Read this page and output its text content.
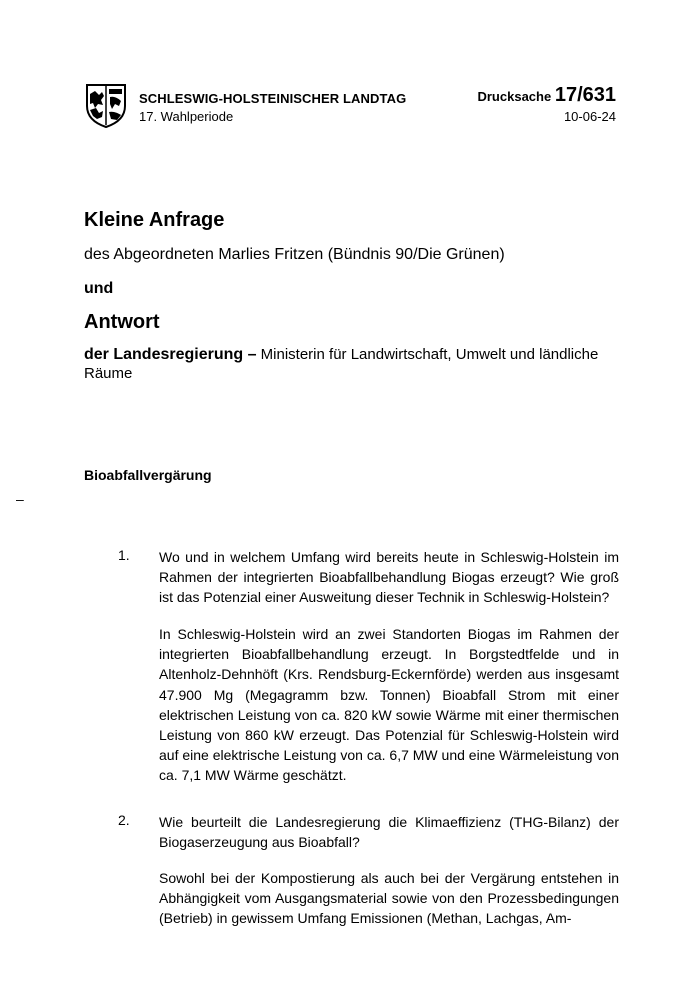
SCHLESWIG-HOLSTEINISCHER LANDTAG
17. Wahlperiode
Drucksache 17/631
10-06-24
Kleine Anfrage
des Abgeordneten Marlies Fritzen (Bündnis 90/Die Grünen)
und
Antwort
der Landesregierung – Ministerin für Landwirtschaft, Umwelt und ländliche Räume
Bioabfallvergärung
–
1. Wo und in welchem Umfang wird bereits heute in Schleswig-Holstein im Rahmen der integrierten Bioabfallbehandlung Biogas erzeugt? Wie groß ist das Potenzial einer Ausweitung dieser Technik in Schleswig-Holstein?

In Schleswig-Holstein wird an zwei Standorten Biogas im Rahmen der integrierten Bioabfallbehandlung erzeugt. In Borgstedtfelde und in Altenholz-Dehnhöft (Krs. Rendsburg-Eckernförde) werden aus insgesamt 47.900 Mg (Megagramm bzw. Tonnen) Bioabfall Strom mit einer elektrischen Leistung von ca. 820 kW sowie Wärme mit einer thermischen Leistung von 860 kW erzeugt. Das Potenzial für Schleswig-Holstein wird auf eine elektrische Leistung von ca. 6,7 MW und eine Wärmeleistung von ca. 7,1 MW Wärme geschätzt.

2. Wie beurteilt die Landesregierung die Klimaeffizienz (THG-Bilanz) der Biogaserzeugung aus Bioabfall?

Sowohl bei der Kompostierung als auch bei der Vergärung entstehen in Abhängigkeit vom Ausgangsmaterial sowie von den Prozessbedingungen (Betrieb) in gewissem Umfang Emissionen (Methan, Lachgas, Am-
